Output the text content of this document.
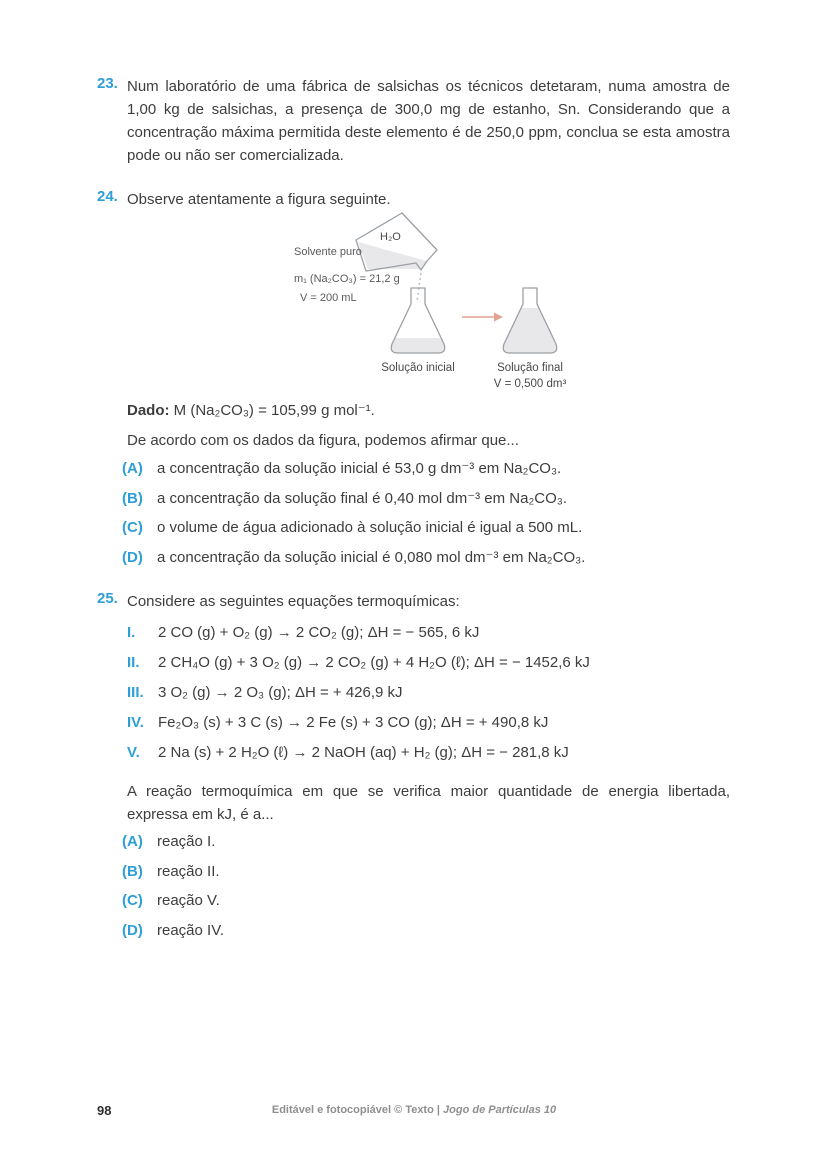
23. Num laboratório de uma fábrica de salsichas os técnicos detetaram, numa amostra de 1,00 kg de salsichas, a presença de 300,0 mg de estanho, Sn. Considerando que a concentração máxima permitida deste elemento é de 250,0 ppm, conclua se esta amostra pode ou não ser comercializada.
24. Observe atentamente a figura seguinte.
H₂O
Solvente puro
m₁ (Na₂CO₃) = 21,2 g
V = 200 mL
Solução inicial	Solução final
V = 0,500 dm³
Dado: M (Na₂CO₃) = 105,99 g mol⁻¹.
De acordo com os dados da figura, podemos afirmar que...
(A) a concentração da solução inicial é 53,0 g dm⁻³ em Na₂CO₃.
(B) a concentração da solução final é 0,40 mol dm⁻³ em Na₂CO₃.
(C) o volume de água adicionado à solução inicial é igual a 500 mL.
(D) a concentração da solução inicial é 0,080 mol dm⁻³ em Na₂CO₃.
25. Considere as seguintes equações termoquímicas:
I.	2 CO (g) + O₂ (g) → 2 CO₂ (g); ΔH = − 565, 6 kJ
II.	2 CH₄O (g) + 3 O₂ (g) → 2 CO₂ (g) + 4 H₂O (ℓ); ΔH = − 1452,6 kJ
III. 3 O₂ (g) → 2 O₃ (g); ΔH = + 426,9 kJ
IV. Fe₂O₃ (s) + 3 C (s) → 2 Fe (s) + 3 CO (g); ΔH = + 490,8 kJ
V.	2 Na (s) + 2 H₂O (ℓ) → 2 NaOH (aq) + H₂ (g); ΔH = − 281,8 kJ
A reação termoquímica em que se verifica maior quantidade de energia libertada, expressa em kJ, é a...
(A) reação I.
(B) reação II.
(C) reação V.
(D) reação IV.
98	Editável e fotocopiável © Texto | Jogo de Partículas 10
